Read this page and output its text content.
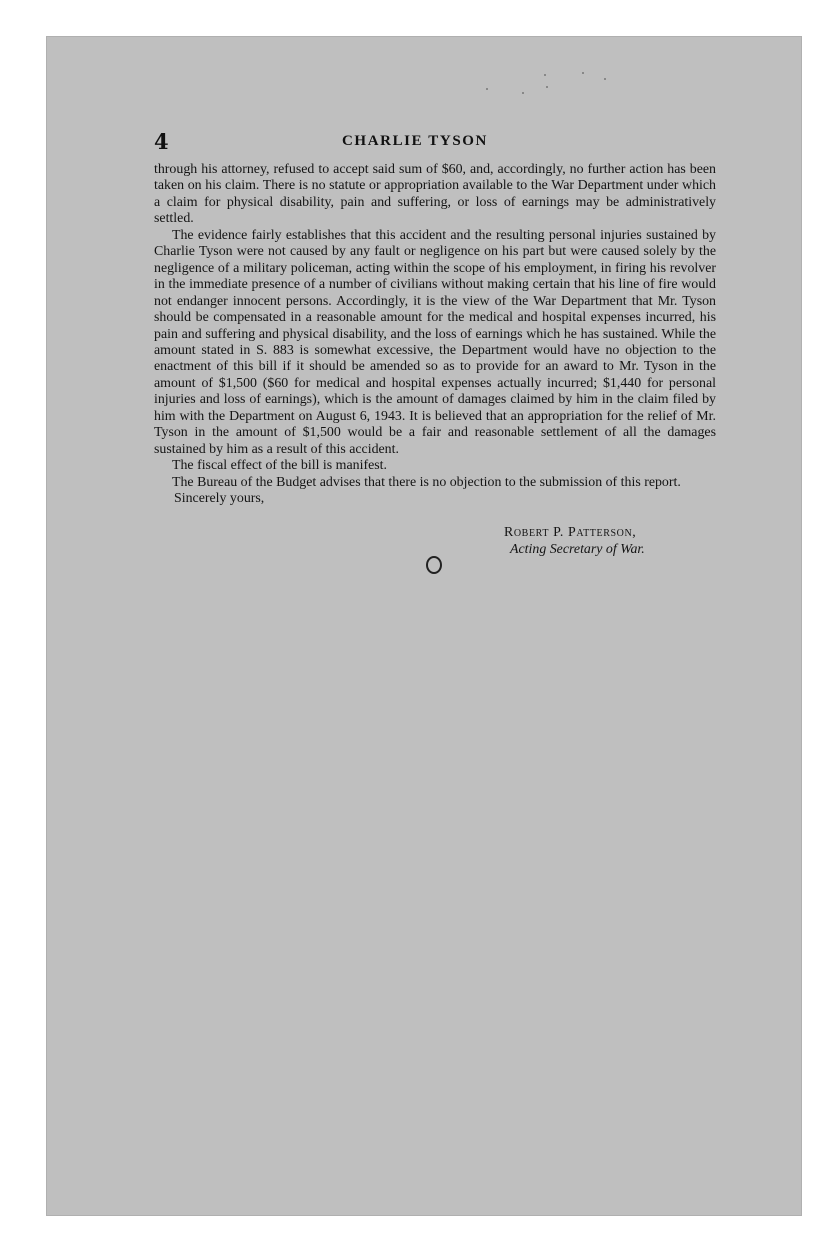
4	CHARLIE TYSON

through his attorney, refused to accept said sum of $60, and, accordingly, no further action has been taken on his claim. There is no statute or appropriation available to the War Department under which a claim for physical disability, pain and suffering, or loss of earnings may be administratively settled.

The evidence fairly establishes that this accident and the resulting personal injuries sustained by Charlie Tyson were not caused by any fault or negligence on his part but were caused solely by the negligence of a military policeman, acting within the scope of his employment, in firing his revolver in the immediate presence of a number of civilians without making certain that his line of fire would not endanger innocent persons. Accordingly, it is the view of the War Department that Mr. Tyson should be compensated in a reasonable amount for the medical and hospital expenses incurred, his pain and suffering and physical disability, and the loss of earnings which he has sustained. While the amount stated in S. 883 is somewhat excessive, the Department would have no objection to the enactment of this bill if it should be amended so as to provide for an award to Mr. Tyson in the amount of $1,500 ($60 for medical and hospital expenses actually incurred; $1,440 for personal injuries and loss of earnings), which is the amount of damages claimed by him in the claim filed by him with the Department on August 6, 1943. It is believed that an appropriation for the relief of Mr. Tyson in the amount of $1,500 would be a fair and reasonable settlement of all the damages sustained by him as a result of this accident.

The fiscal effect of the bill is manifest.

The Bureau of the Budget advises that there is no objection to the submission of this report.

Sincerely yours,

Robert P. Patterson,

Acting Secretary of War.
